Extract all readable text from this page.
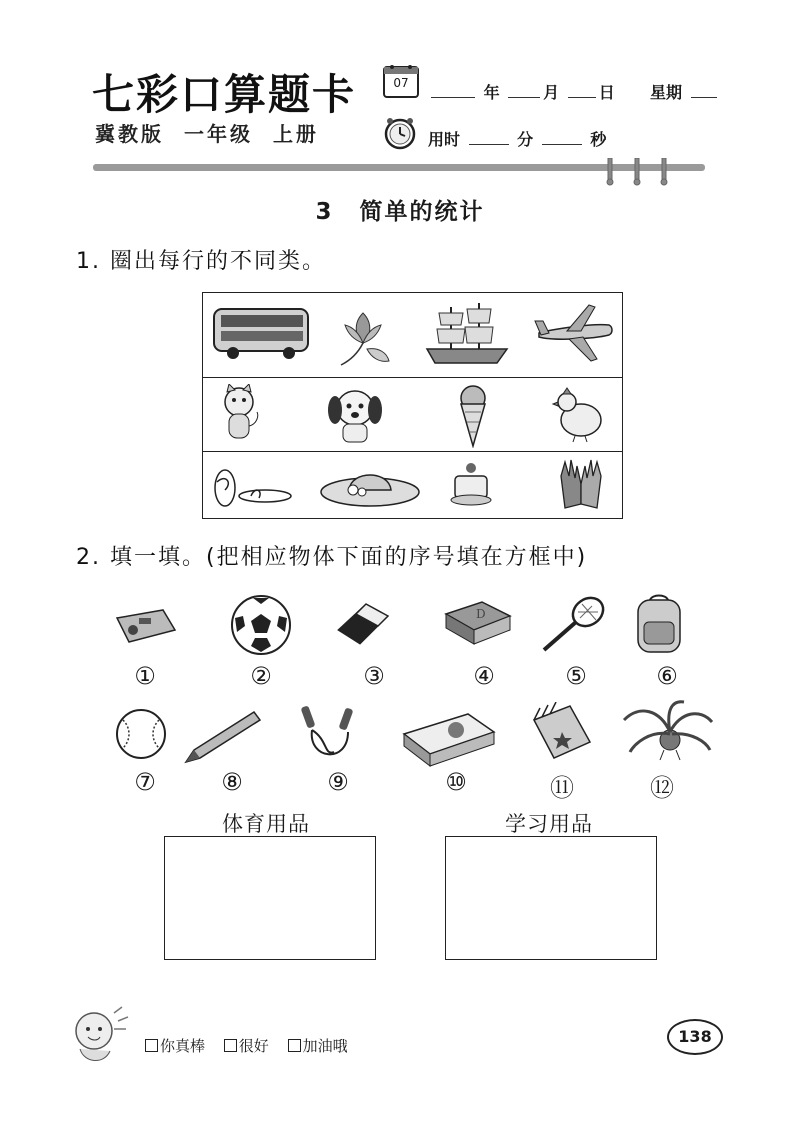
七彩口算题卡
冀教版 一年级 上册
07	年	月 日 星期
用时	分	秒
3 简单的统计
1. 圈出每行的不同类。
2. 填一填。(把相应物体下面的序号填在方框中)
D
①	②	③	④	⑤	⑥
⑦	⑧	⑨	⑩	⑪	⑫
体育用品	学习用品
你真棒 很好 加油哦	138
